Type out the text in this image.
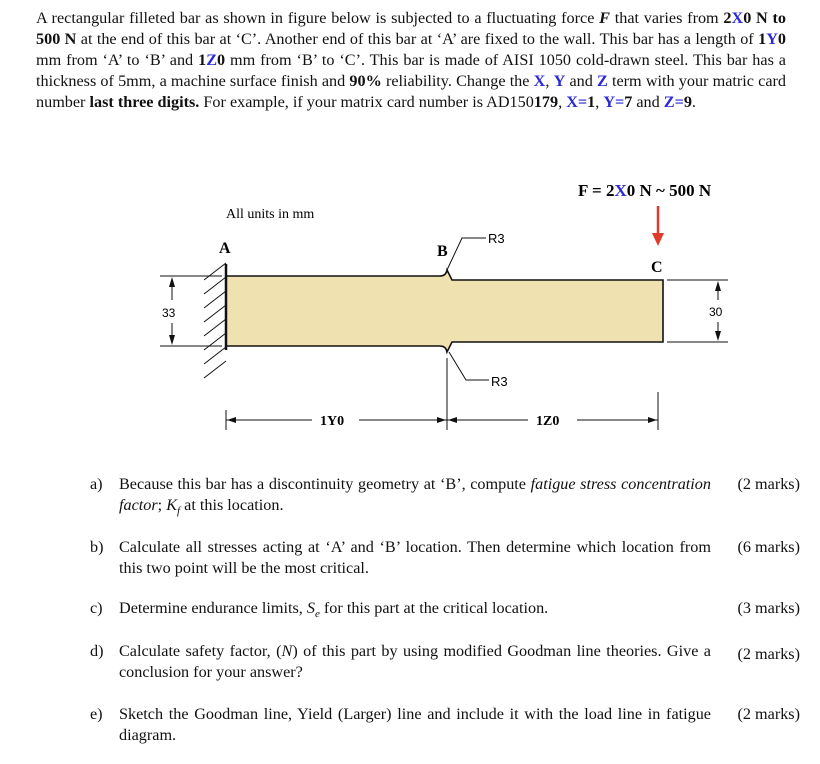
A rectangular filleted bar as shown in figure below is subjected to a fluctuating force F that varies from 2X0 N to 500 N at the end of this bar at ‘C’. Another end of this bar at ‘A’ are fixed to the wall. This bar has a length of 1Y0 mm from ‘A’ to ‘B’ and 1Z0 mm from ‘B’ to ‘C’. This bar is made of AISI 1050 cold-drawn steel. This bar has a thickness of 5mm, a machine surface finish and 90% reliability. Change the X, Y and Z term with your matric card number last three digits. For example, if your matrix card number is AD150179, X=1, Y=7 and Z=9.
F = 2X0 N ~ 500 N
All units in mm
A	B
C
R3
R3
33	30
1Y0	1Z0
a) Because this bar has a discontinuity geometry at ‘B’, compute fatigue stress concentration factor; $K_f$ at this location.
(2 marks)
b) Calculate all stresses acting at ‘A’ and ‘B’ location. Then determine which location from this two point will be the most critical.
(6 marks)
c) Determine endurance limits, $S_e$ for this part at the critical location.	(3 marks)
d) Calculate safety factor, (N) of this part by using modified Goodman line theories. Give a conclusion for your answer?
(2 marks)
e) Sketch the Goodman line, Yield (Larger) line and include it with the load line in fatigue diagram.
(2 marks)
